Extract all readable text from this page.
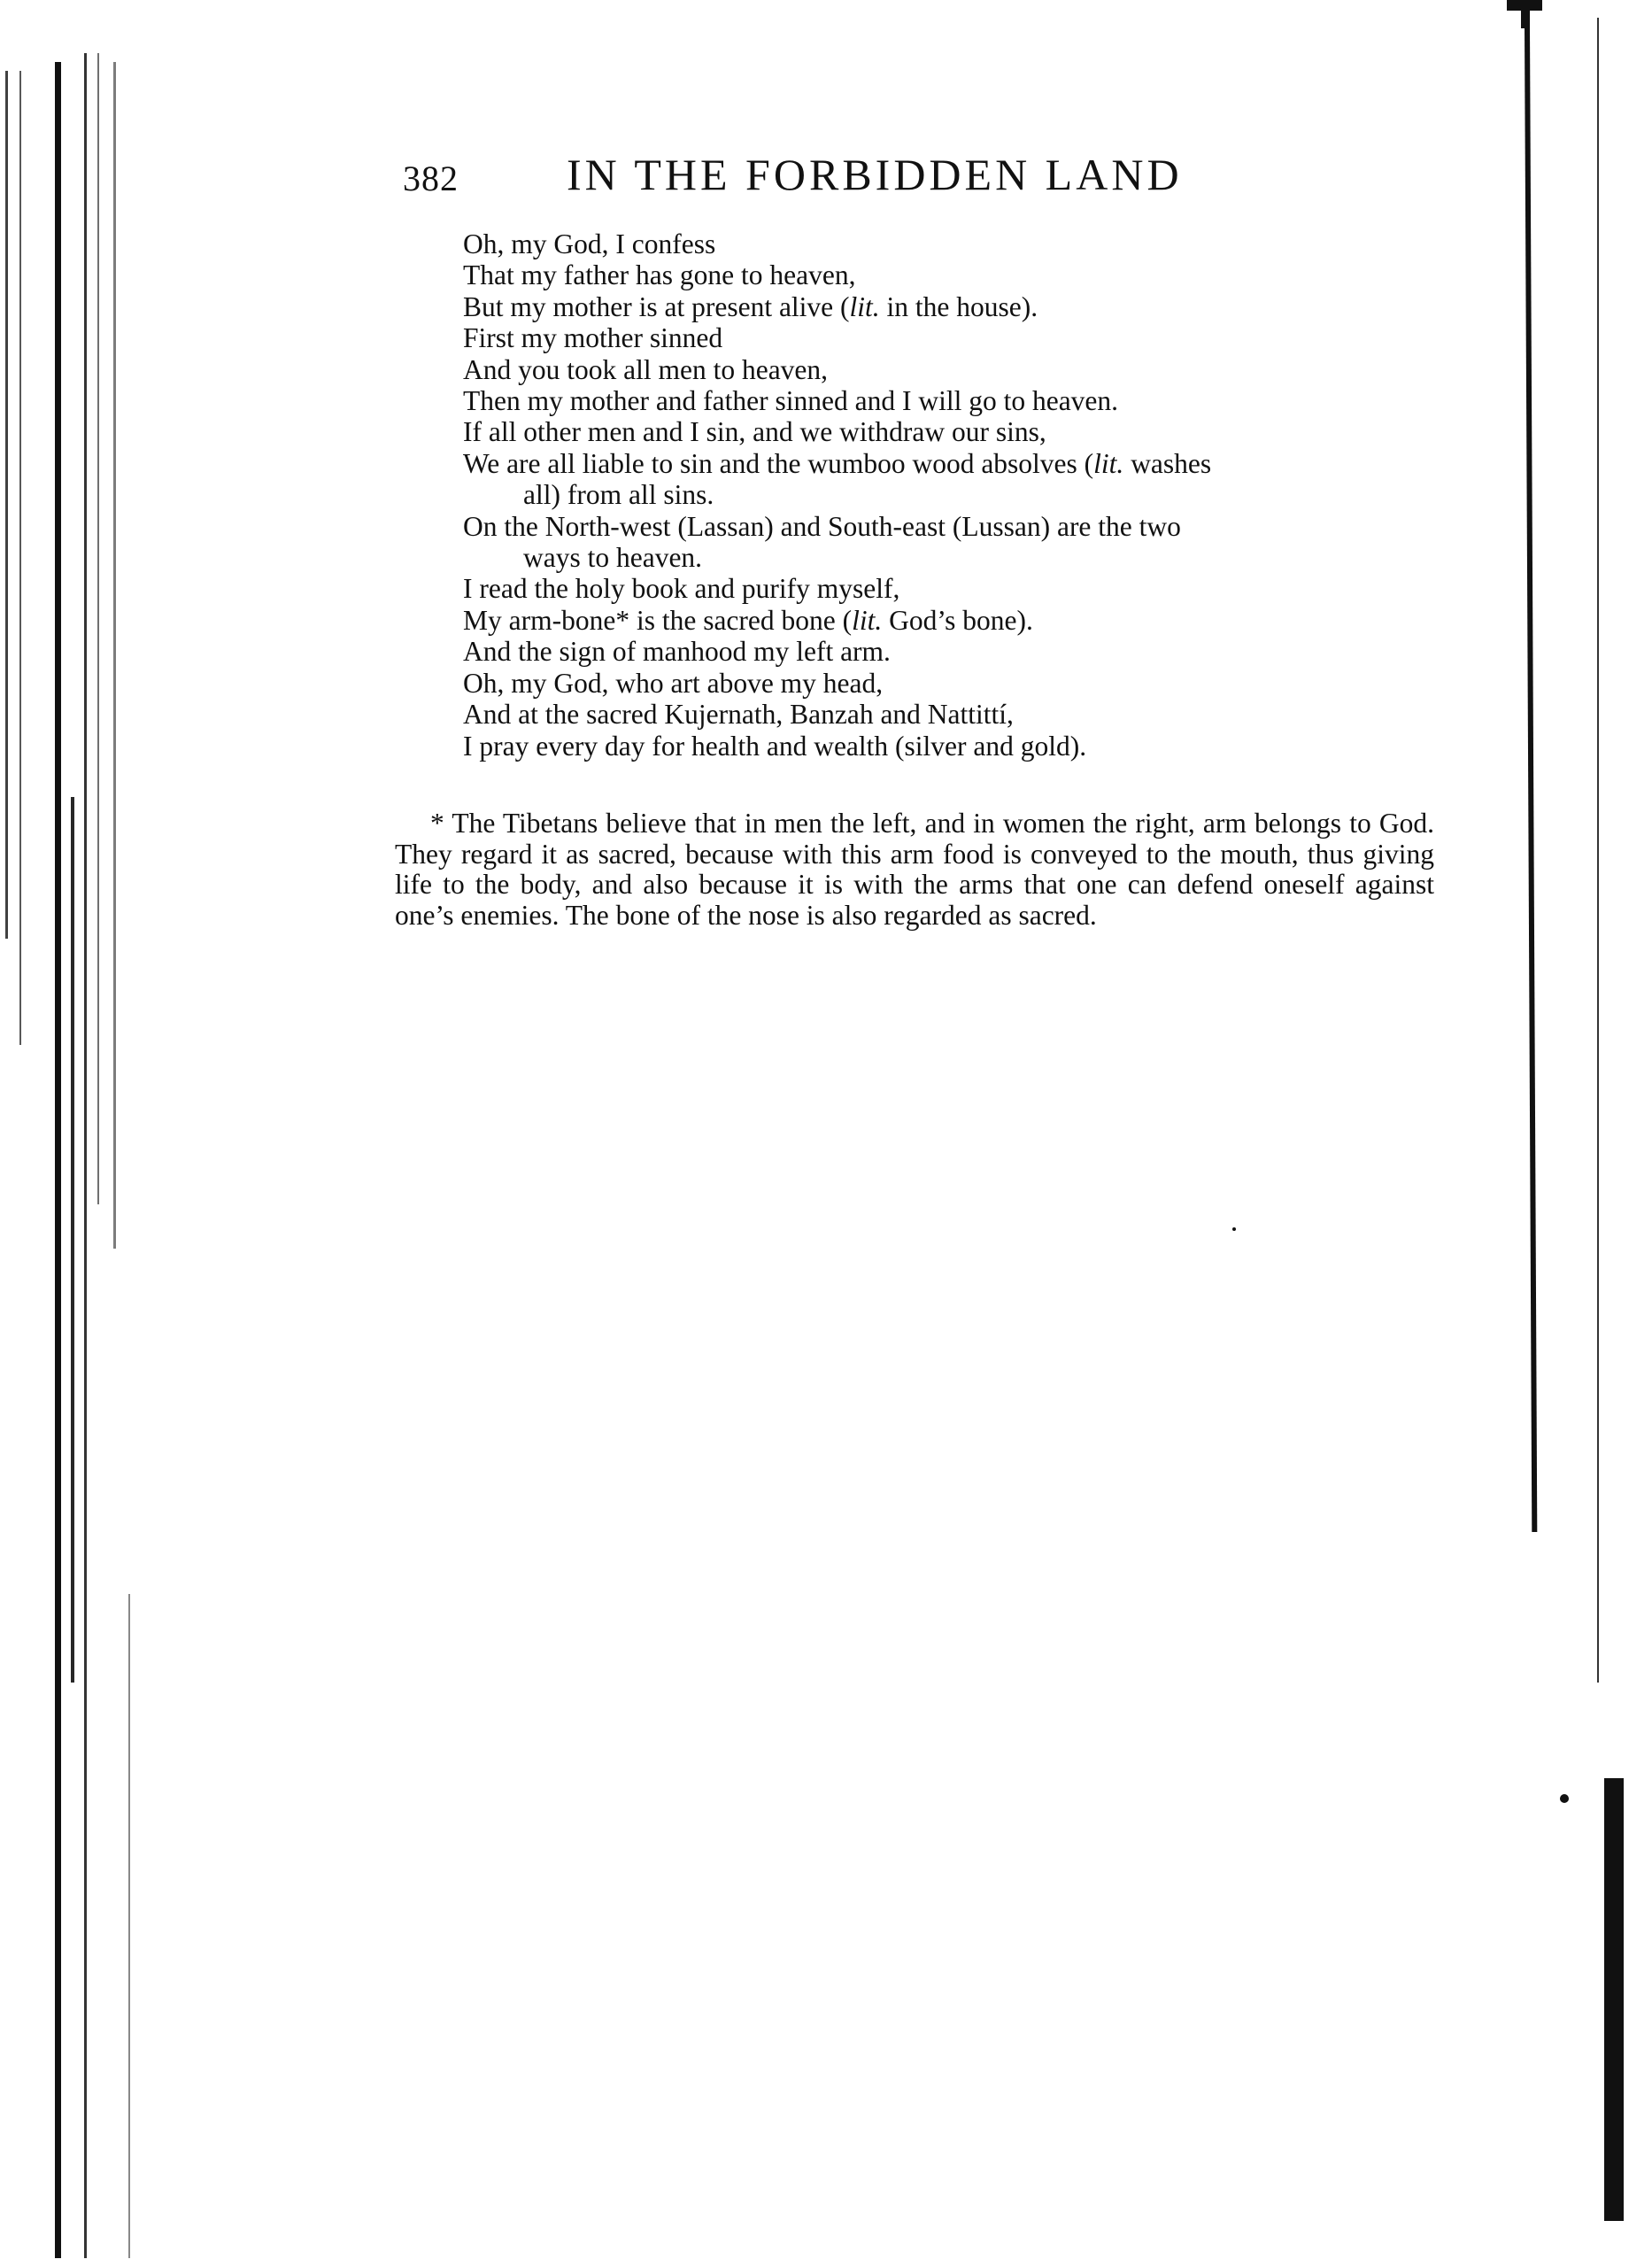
382 IN THE FORBIDDEN LAND
Oh, my God, I confess
That my father has gone to heaven,
But my mother is at present alive (lit. in the house).
First my mother sinned
And you took all men to heaven,
Then my mother and father sinned and I will go to heaven.
If all other men and I sin, and we withdraw our sins,
We are all liable to sin and the wumboo wood absolves (lit. washes
all) from all sins.
On the North-west (Lassan) and South-east (Lussan) are the two
ways to heaven.
I read the holy book and purify myself,
My arm-bone* is the sacred bone (lit. God’s bone).
And the sign of manhood my left arm.
Oh, my God, who art above my head,
And at the sacred Kujernath, Banzah and Nattittí,
I pray every day for health and wealth (silver and gold).

* The Tibetans believe that in men the left, and in women the right, arm belongs to God. They regard it as sacred, because with this arm food is conveyed to the mouth, thus giving life to the body, and also because it is with the arms that one can defend oneself against one’s enemies. The bone of the nose is also regarded as sacred.
